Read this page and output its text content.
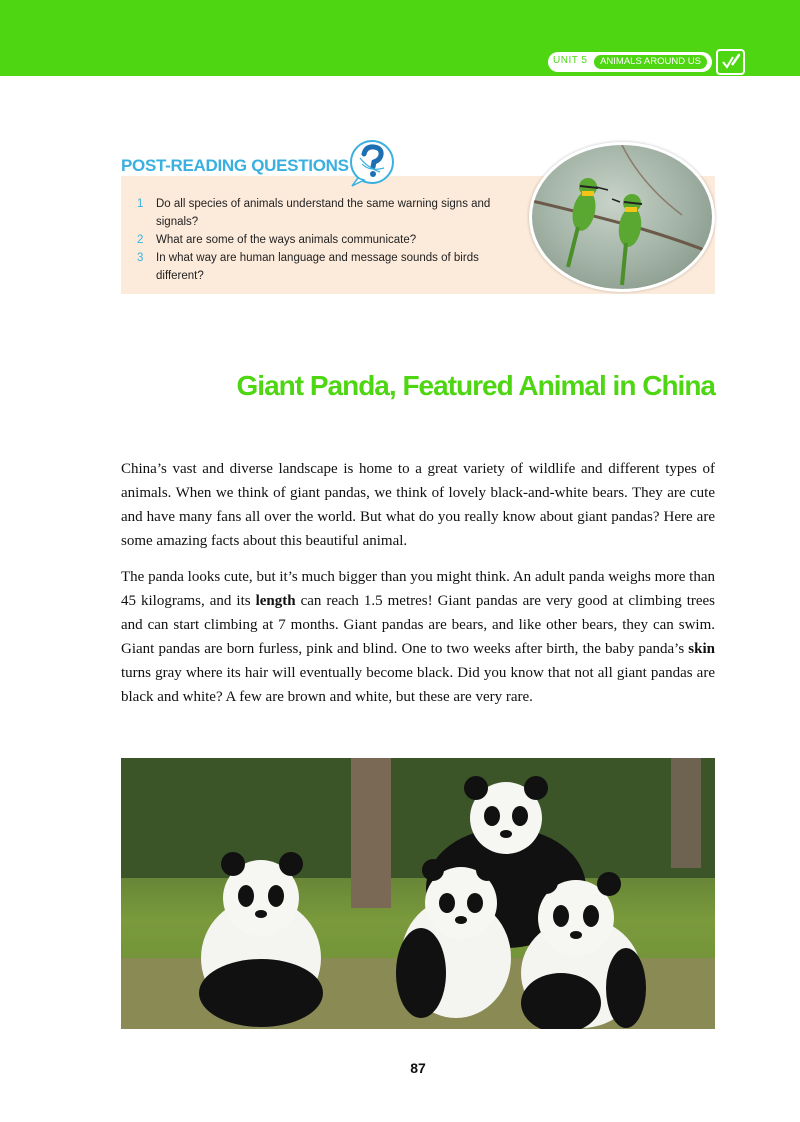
UNIT 5	ANIMALS AROUND US
POST-READING QUESTIONS
1	Do all species of animals understand the same warning signs and signals?
2	What are some of the ways animals communicate?
3	In what way are human language and message sounds of birds different?
Giant Panda, Featured Animal in China

China’s vast and diverse landscape is home to a great variety of wildlife and different types of animals. When we think of giant pandas, we think of lovely black-and-white bears. They are cute and have many fans all over the world. But what do you really know about giant pandas? Here are some amazing facts about this beautiful animal.

The panda looks cute, but it’s much bigger than you might think. An adult panda weighs more than 45 kilograms, and its length can reach 1.5 metres! Giant pandas are very good at climbing trees and can start climbing at 7 months. Giant pandas are bears, and like other bears, they can swim. Giant pandas are born furless, pink and blind. One to two weeks after birth, the baby panda’s skin turns gray where its hair will eventually become black. Did you know that not all giant pandas are black and white? A few are brown and white, but these are very rare.

87
